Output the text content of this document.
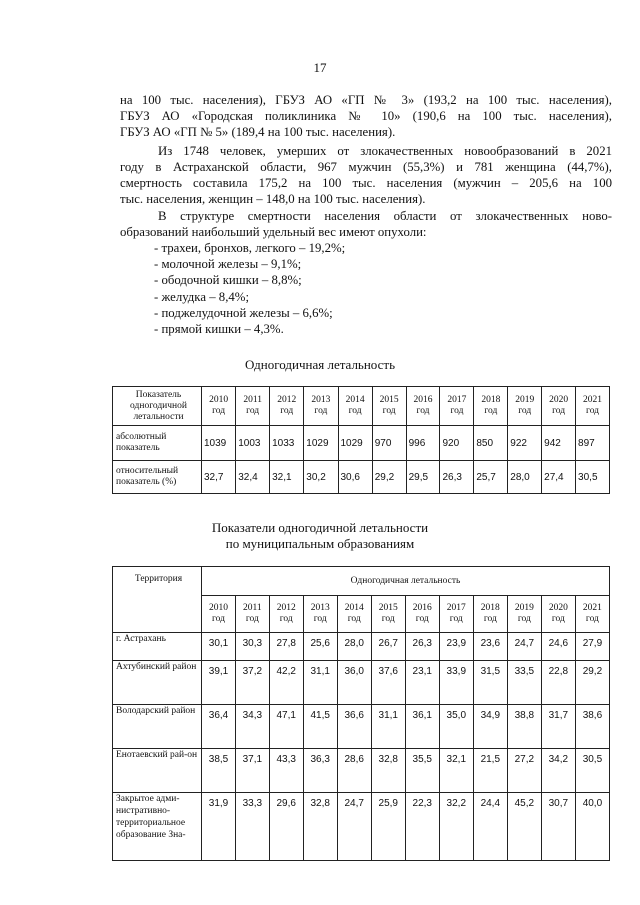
17
на 100 тыс. населения), ГБУЗ АО «ГП № 3» (193,2 на 100 тыс. населения),
ГБУЗ АО «Городская поликлиника № 10» (190,6 на 100 тыс. населения),
ГБУЗ АО «ГП № 5» (189,4 на 100 тыс. населения).
Из 1748 человек, умерших от злокачественных новообразований в 2021
году в Астраханской области, 967 мужчин (55,3%) и 781 женщина (44,7%),
смертность составила 175,2 на 100 тыс. населения (мужчин – 205,6 на 100
тыс. населения, женщин – 148,0 на 100 тыс. населения).
В структуре смертности населения области от злокачественных ново-
образований наибольший удельный вес имеют опухоли:
- трахеи, бронхов, легкого – 19,2%;
- молочной железы – 9,1%;
- ободочной кишки – 8,8%;
- желудка – 8,4%;
- поджелудочной железы – 6,6%;
- прямой кишки – 4,3%.
Одногодичная летальность
Показатель одногодичной летальности	2010 год	2011 год	2012 год	2013 год	2014 год	2015 год	2016 год	2017 год	2018 год	2019 год	2020 год	2021 год
абсолютный показатель	1039	1003	1033	1029	1029	970	996	920	850	922	942	897
относительный показатель (%)	32,7	32,4	32,1	30,2	30,6	29,2	29,5	26,3	25,7	28,0	27,4	30,5
Показатели одногодичной летальности
по муниципальным образованиям
Территория	Одногодичная летальность											
	2010 год	2011 год	2012 год	2013 год	2014 год	2015 год	2016 год	2017 год	2018 год	2019 год	2020 год	2021 год
г. Астрахань	30,1	30,3	27,8	25,6	28,0	26,7	26,3	23,9	23,6	24,7	24,6	27,9
Ахтубинский район	39,1	37,2	42,2	31,1	36,0	37,6	23,1	33,9	31,5	33,5	22,8	29,2
Володарский район	36,4	34,3	47,1	41,5	36,6	31,1	36,1	35,0	34,9	38,8	31,7	38,6
Енотаевский рай-он	38,5	37,1	43,3	36,3	28,6	32,8	35,5	32,1	21,5	27,2	34,2	30,5
Закрытое адми-нистративно-территориальное образование Зна-	31,9	33,3	29,6	32,8	24,7	25,9	22,3	32,2	24,4	45,2	30,7	40,0
